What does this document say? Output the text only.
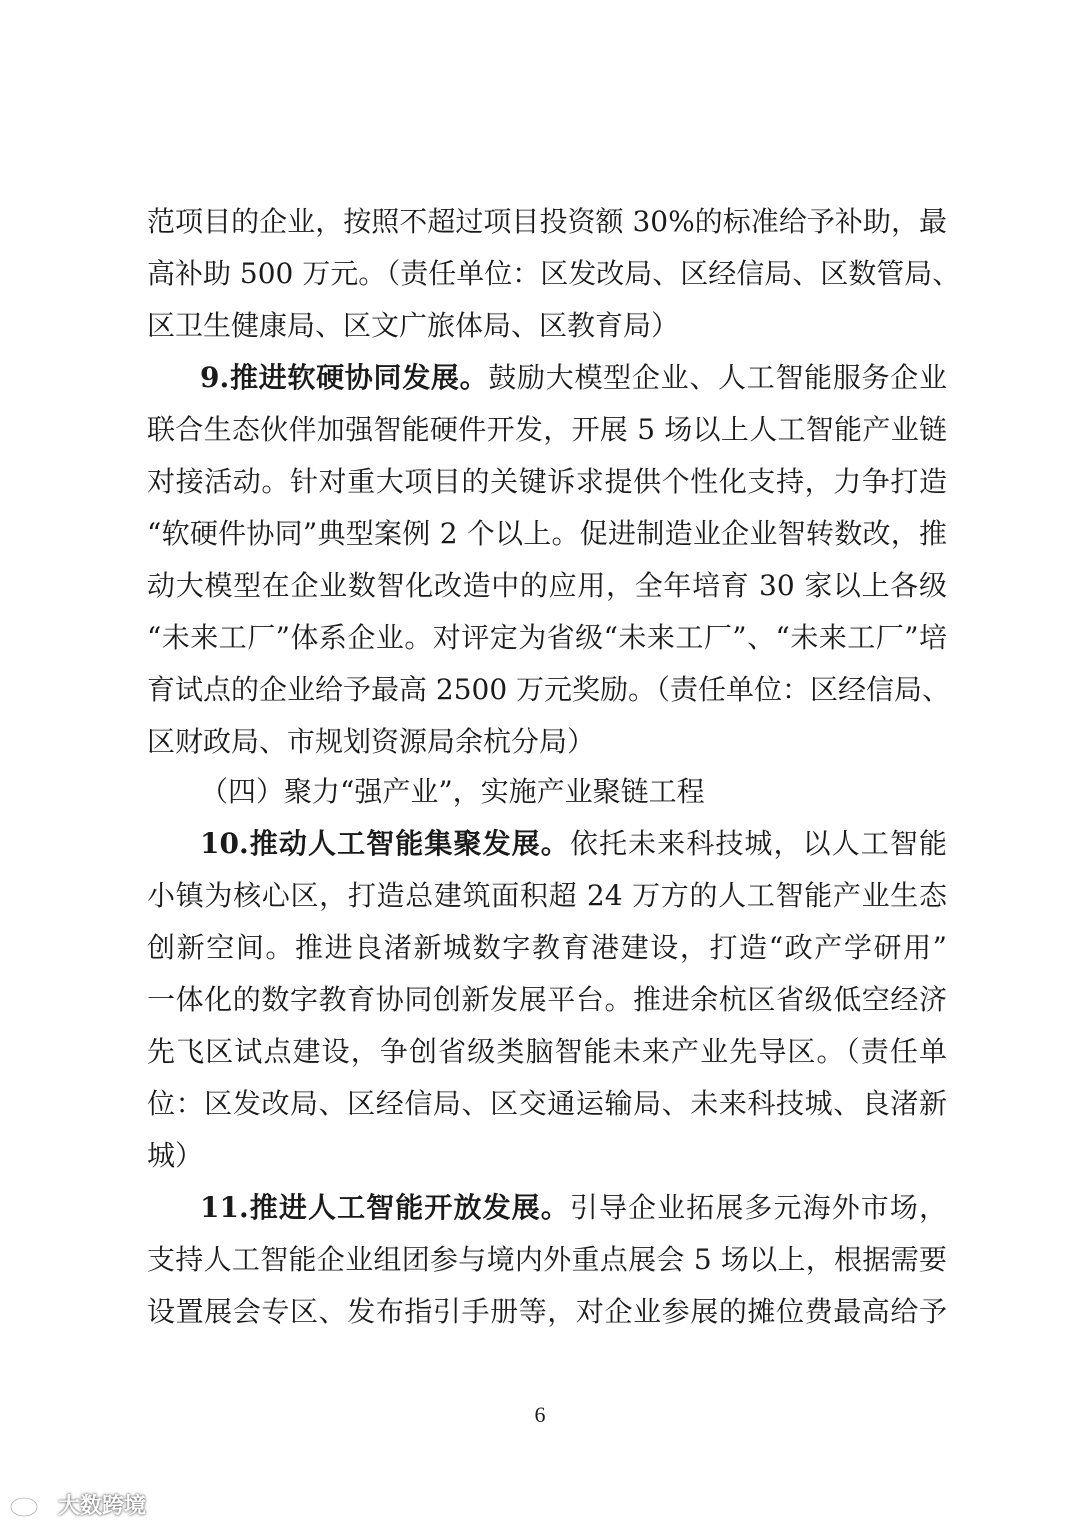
范项目的企业，按照不超过项目投资额 30%的标准给予补助，最
高补助 500 万元。（责任单位：区发改局、区经信局、区数管局、
区卫生健康局、区文广旅体局、区教育局）
9.推进软硬协同发展。鼓励大模型企业、人工智能服务企业
联合生态伙伴加强智能硬件开发，开展 5 场以上人工智能产业链
对接活动。针对重大项目的关键诉求提供个性化支持，力争打造
“软硬件协同”典型案例 2 个以上。促进制造业企业智转数改，推
动大模型在企业数智化改造中的应用，全年培育 30 家以上各级
“未来工厂”体系企业。对评定为省级“未来工厂”、“未来工厂”培
育试点的企业给予最高 2500 万元奖励。（责任单位：区经信局、
区财政局、市规划资源局余杭分局）
（四）聚力“强产业”，实施产业聚链工程
10.推动人工智能集聚发展。依托未来科技城，以人工智能
小镇为核心区，打造总建筑面积超 24 万方的人工智能产业生态
创新空间。推进良渚新城数字教育港建设，打造“政产学研用”
一体化的数字教育协同创新发展平台。推进余杭区省级低空经济
先飞区试点建设，争创省级类脑智能未来产业先导区。（责任单
位：区发改局、区经信局、区交通运输局、未来科技城、良渚新
城）
11.推进人工智能开放发展。引导企业拓展多元海外市场，
支持人工智能企业组团参与境内外重点展会 5 场以上，根据需要
设置展会专区、发布指引手册等，对企业参展的摊位费最高给予
6
大数跨境
